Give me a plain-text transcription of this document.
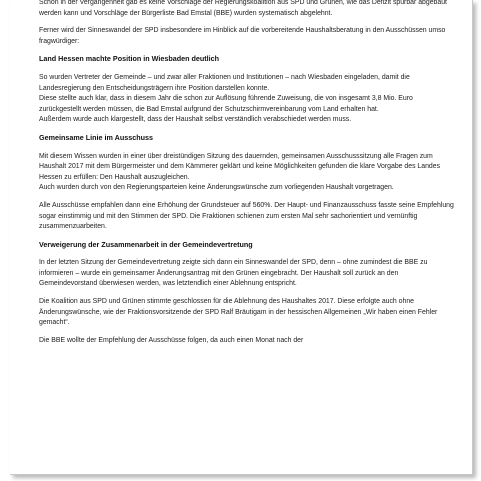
Schon in der Vergangenheit gab es keine Vorschläge der Regierungskoalition aus SPD und Grünen, wie das Defizit spürbar abgebaut werden kann und Vorschläge der Bürgerliste Bad Emstal (BBE) wurden systematisch abgelehnt.

Ferner wird der Sinneswandel der SPD insbesondere im Hinblick auf die vorbereitende Haushaltsberatung in den Ausschüssen umso fragwürdiger:

Land Hessen machte Position in Wiesbaden deutlich

So wurden Vertreter der Gemeinde – und zwar aller Fraktionen und Institutionen – nach Wiesbaden eingeladen, damit die Landesregierung den Entscheidungsträgern ihre Position darstellen konnte.
Diese stellte auch klar, dass in diesem Jahr die schon zur Auflösung führende Zuweisung, die von insgesamt 3,8 Mio. Euro zurückgestellt werden müssen, die Bad Emstal aufgrund der Schutzschirmvereinbarung vom Land erhalten hat.
Außerdem wurde auch klargestellt, dass der Haushalt selbst verständlich verabschiedet werden muss.

Gemeinsame Linie im Ausschuss

Mit diesem Wissen wurden in einer über dreistündigen Sitzung des dauernden, gemeinsamen Ausschusssitzung alle Fragen zum Haushalt 2017 mit dem Bürgermeister und dem Kämmerer geklärt und keine Möglichkeiten gefunden die klare Vorgabe des Landes Hessen zu erfüllen: Den Haushalt auszugleichen.
Auch wurden durch von den Regierungsparteien keine Änderungswünsche zum vorliegenden Haushalt vorgetragen.

Alle Ausschüsse empfahlen dann eine Erhöhung der Grundsteuer auf 560%. Der Haupt- und Finanzausschuss fasste seine Empfehlung sogar einstimmig und mit den Stimmen der SPD. Die Fraktionen schienen zum ersten Mal sehr sachorientiert und vernünftig zusammenzuarbeiten.

Verweigerung der Zusammenarbeit in der Gemeindevertretung

In der letzten Sitzung der Gemeindevertretung zeigte sich dann ein Sinneswandel der SPD, denn – ohne zumindest die BBE zu informieren – wurde ein gemeinsamer Änderungsantrag mit den Grünen eingebracht. Der Haushalt soll zurück an den Gemeindevorstand überwiesen werden, was letztendlich einer Ablehnung entspricht.

Die Koalition aus SPD und Grünen stimmte geschlossen für die Ablehnung des Haushaltes 2017. Diese erfolgte auch ohne Änderungswünsche, wie der Fraktionsvorsitzende der SPD Ralf Bräutigam in der hessischen Allgemeinen „Wir haben einen Fehler gemacht“.

Die BBE wollte der Empfehlung der Ausschüsse folgen, da auch einen Monat nach der
